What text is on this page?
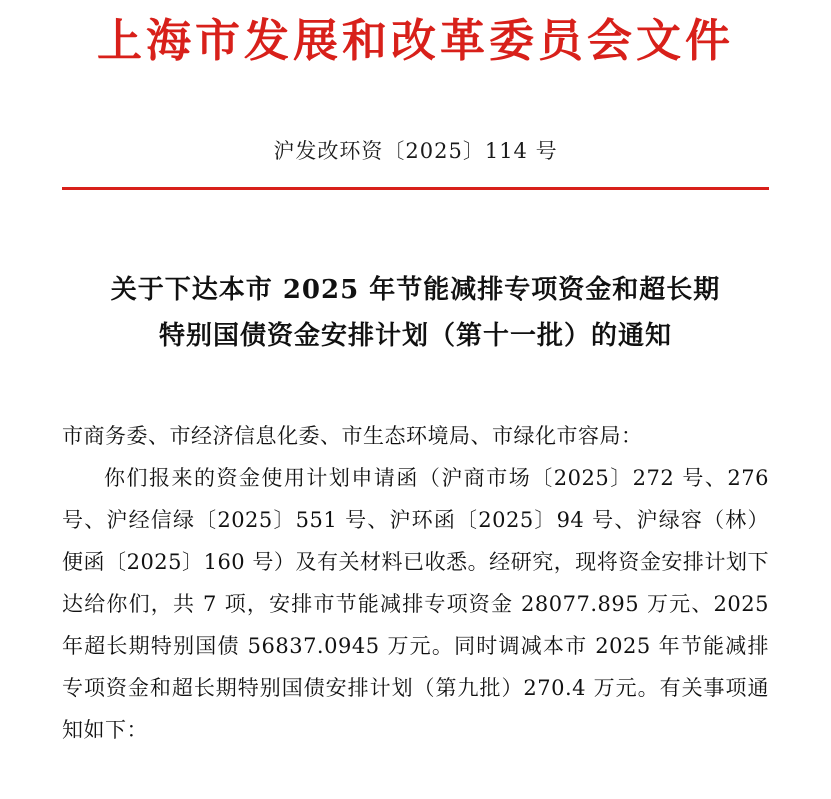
上海市发展和改革委员会文件
沪发改环资〔2025〕114 号
关于下达本市 2025 年节能减排专项资金和超长期
特别国债资金安排计划（第十一批）的通知

市商务委、市经济信息化委、市生态环境局、市绿化市容局：

你们报来的资金使用计划申请函（沪商市场〔2025〕272 号、276 号、沪经信绿〔2025〕551 号、沪环函〔2025〕94 号、沪绿容（林）便函〔2025〕160 号）及有关材料已收悉。经研究，现将资金安排计划下达给你们，共 7 项，安排市节能减排专项资金 28077.895 万元、2025 年超长期特别国债 56837.0945 万元。同时调减本市 2025 年节能减排专项资金和超长期特别国债安排计划（第九批）270.4 万元。有关事项通知如下：
